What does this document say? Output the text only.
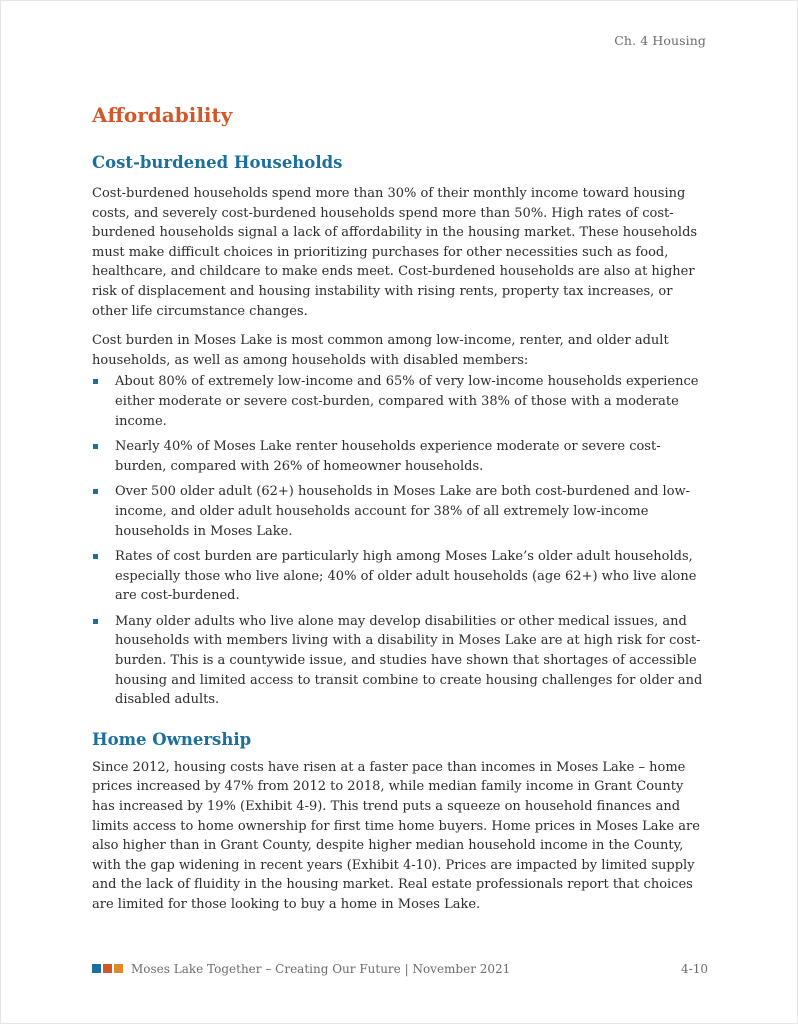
Ch. 4 Housing
Affordability
Cost-burdened Households

Cost-burdened households spend more than 30% of their monthly income toward housing costs, and severely cost-burdened households spend more than 50%. High rates of cost-burdened households signal a lack of affordability in the housing market. These households must make difficult choices in prioritizing purchases for other necessities such as food, healthcare, and childcare to make ends meet. Cost-burdened households are also at higher risk of displacement and housing instability with rising rents, property tax increases, or other life circumstance changes.

Cost burden in Moses Lake is most common among low-income, renter, and older adult households, as well as among households with disabled members:

About 80% of extremely low-income and 65% of very low-income households experience either moderate or severe cost-burden, compared with 38% of those with a moderate income.
Nearly 40% of Moses Lake renter households experience moderate or severe cost-burden, compared with 26% of homeowner households.
Over 500 older adult (62+) households in Moses Lake are both cost-burdened and low-income, and older adult households account for 38% of all extremely low-income households in Moses Lake.
Rates of cost burden are particularly high among Moses Lake’s older adult households, especially those who live alone; 40% of older adult households (age 62+) who live alone are cost-burdened.
Many older adults who live alone may develop disabilities or other medical issues, and households with members living with a disability in Moses Lake are at high risk for cost-burden. This is a countywide issue, and studies have shown that shortages of accessible housing and limited access to transit combine to create housing challenges for older and disabled adults.
Home Ownership

Since 2012, housing costs have risen at a faster pace than incomes in Moses Lake – home prices increased by 47% from 2012 to 2018, while median family income in Grant County has increased by 19% (Exhibit 4-9). This trend puts a squeeze on household finances and limits access to home ownership for first time home buyers. Home prices in Moses Lake are also higher than in Grant County, despite higher median household income in the County, with the gap widening in recent years (Exhibit 4-10). Prices are impacted by limited supply and the lack of fluidity in the housing market. Real estate professionals report that choices are limited for those looking to buy a home in Moses Lake.

Moses Lake Together – Creating Our Future | November 2021	4-10
